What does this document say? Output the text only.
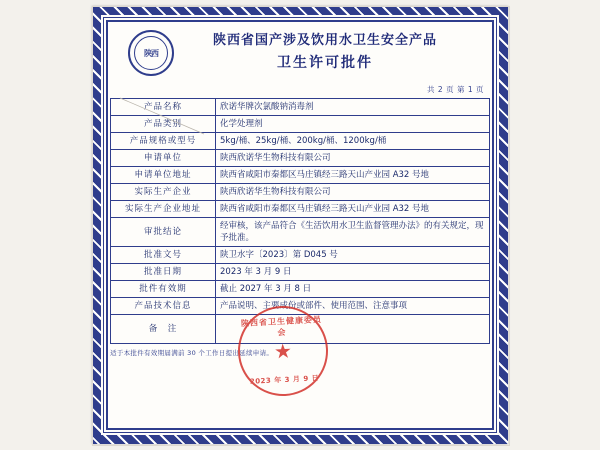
陕西
陕西省国产涉及饮用水卫生安全产品
卫生许可批件
共 2 页 第 1 页
产品名称	欣诺华牌次氯酸钠消毒剂
产品类别	化学处理剂
产品规格或型号	5kg/桶、25kg/桶、200kg/桶、1200kg/桶
申请单位	陕西欣诺华生物科技有限公司
申请单位地址	陕西省咸阳市秦都区马庄镇经三路天山产业园 A32 号地
实际生产企业	陕西欣诺华生物科技有限公司
实际生产企业地址	陕西省咸阳市秦都区马庄镇经三路天山产业园 A32 号地
审批结论	经审核，该产品符合《生活饮用水卫生监督管理办法》的有关规定，现予批准。
批准文号	陕卫水字〔2023〕第 D045 号
批准日期	2023 年 3 月 9 日
批件有效期	截止 2027 年 3 月 8 日
产品技术信息	产品说明、主要成份或部件、使用范围、注意事项
备　注	
适于本批件有效期届满前 30 个工作日提出延续申请。
陕西省卫生健康委员会
★
2023 年 3 月 9 日
